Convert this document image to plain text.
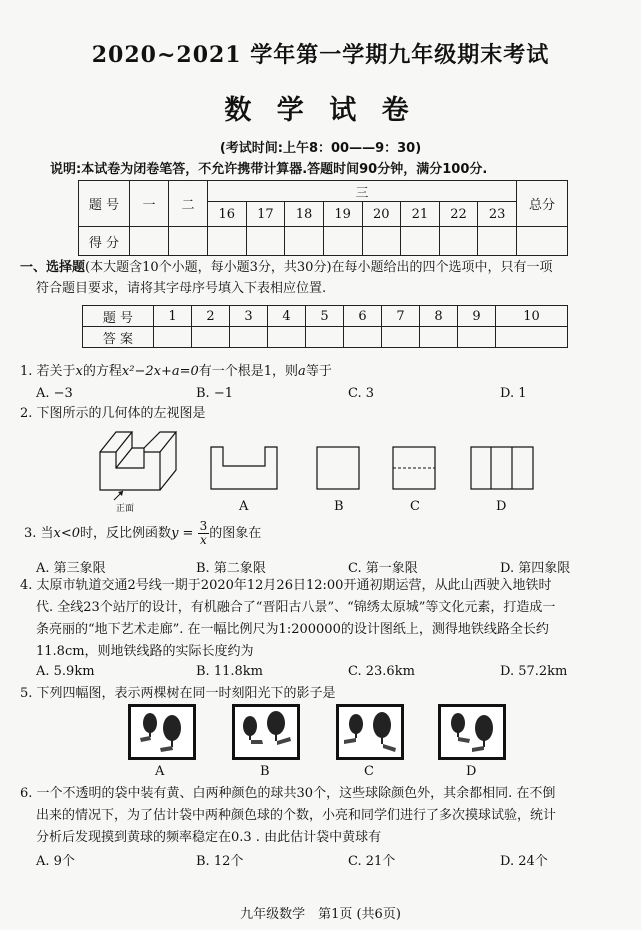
2020~2021 学年第一学期九年级期末考试
数 学 试 卷
(考试时间:上午8：00——9：30)
说明:本试卷为闭卷笔答，不允许携带计算器.答题时间90分钟，满分100分.
题 号	一	二	三								总分
			16	17	18	19	20	21	22	23	
得 分											
一、选择题(本大题含10个小题，每小题3分，共30分)在每小题给出的四个选项中，只有一项
符合题目要求，请将其字母序号填入下表相应位置.
题 号	1	2	3	4	5	6	7	8	9	10
答 案										
1. 若关于x的方程x²−2x+a=0有一个根是1，则a等于
A. −3	B. −1	C. 3	D. 1
2. 下图所示的几何体的左视图是
正面	A	B	C	D
3. 当x<0时，反比例函数$y = \frac{3}{x}$ 的图象在
A. 第三象限	B. 第二象限	C. 第一象限	D. 第四象限
4. 太原市轨道交通2号线一期于2020年12月26日12:00开通初期运营，从此山西驶入地铁时
代. 全线23个站厅的设计，有机融合了“晋阳古八景”、“锦绣太原城”等文化元素，打造成一
条亮丽的“地下艺术走廊”. 在一幅比例尺为1:200000的设计图纸上，测得地铁线路全长约
11.8cm，则地铁线路的实际长度约为
A. 5.9km	B. 11.8km	C. 23.6km	D. 57.2km
5. 下列四幅图，表示两棵树在同一时刻阳光下的影子是
A	B	C	D
6. 一个不透明的袋中装有黄、白两种颜色的球共30个，这些球除颜色外，其余都相同. 在不倒
出来的情况下，为了估计袋中两种颜色球的个数，小亮和同学们进行了多次摸球试验，统计
分析后发现摸到黄球的频率稳定在0.3 . 由此估计袋中黄球有
A. 9个	B. 12个	C. 21个	D. 24个
九年级数学　第1页 (共6页)
